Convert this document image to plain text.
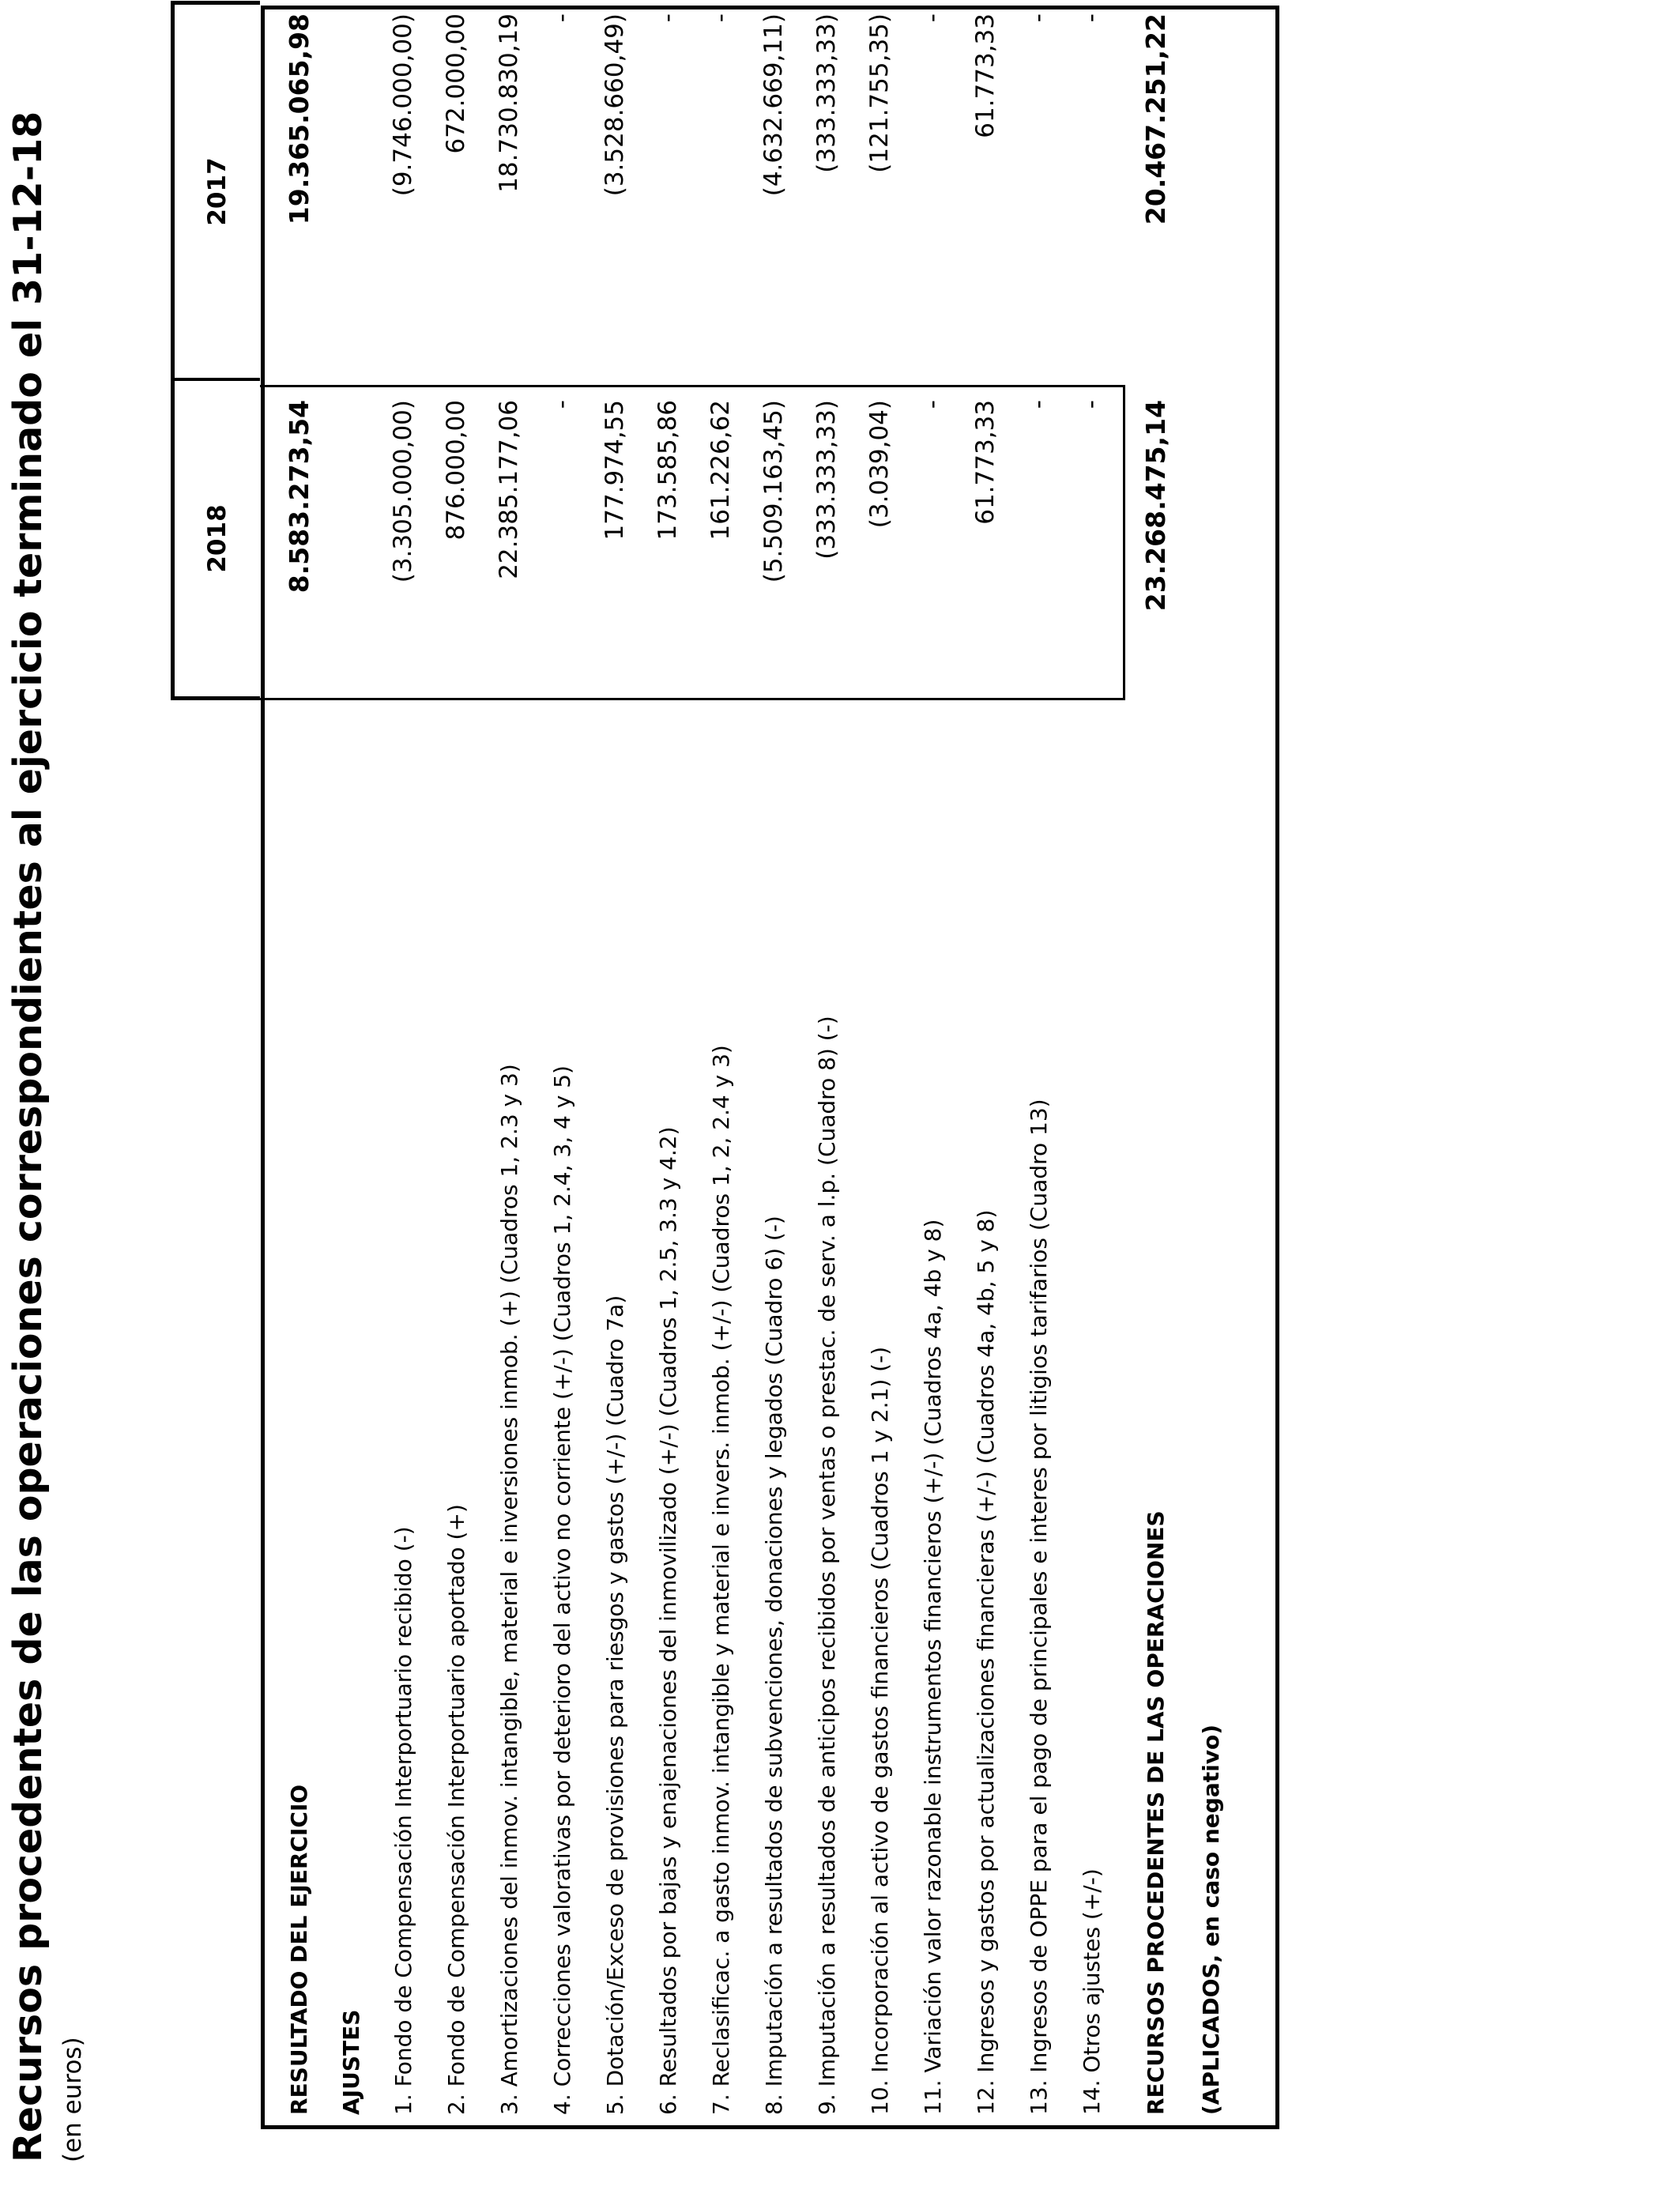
Recursos procedentes de las operaciones correspondientes al ejercicio terminado el 31-12-18 (en euros)
2018
2017
RESULTADO DEL EJERCICIO
8.583.273,54
19.365.065,98
AJUSTES	1. Fondo de Compensación Interportuario recibido (-)
(3.305.000,00)
(9.746.000,00)
2. Fondo de Compensación Interportuario aportado (+)
876.000,00
672.000,00
3. Amortizaciones del inmov. intangible, material e inversiones inmob. (+) (Cuadros 1, 2.3 y 3)
22.385.177,06
18.730.830,19
4. Correcciones valorativas por deterioro del activo no corriente (+/-) (Cuadros 1, 2.4, 3, 4 y 5)
-
-
5. Dotación/Exceso de provisiones para riesgos y gastos (+/-) (Cuadro 7a)
177.974,55
(3.528.660,49)
6. Resultados por bajas y enajenaciones del inmovilizado (+/-) (Cuadros 1, 2.5, 3.3 y 4.2)
173.585,86
-
7. Reclasificac. a gasto inmov. intangible y material e invers. inmob. (+/-) (Cuadros 1, 2, 2.4 y 3)
161.226,62
-
8. Imputación a resultados de subvenciones, donaciones y legados (Cuadro 6) (-)
(5.509.163,45)
(4.632.669,11)
9. Imputación a resultados de anticipos recibidos por ventas o prestac. de serv. a l.p. (Cuadro 8) (-)
(333.333,33)
(333.333,33)
10. Incorporación al activo de gastos financieros (Cuadros 1 y 2.1) (-)
(3.039,04)
(121.755,35)
11. Variación valor razonable instrumentos financieros (+/-) (Cuadros 4a, 4b y 8)
-
-
12. Ingresos y gastos por actualizaciones financieras (+/-) (Cuadros 4a, 4b, 5 y 8)
61.773,33
61.773,33
13. Ingresos de OPPE para el pago de principales e interes por litigios tarifarios (Cuadro 13)
-
-
14. Otros ajustes (+/-)
-
-
RECURSOS PROCEDENTES DE LAS OPERACIONES
23.268.475,14
20.467.251,22
(APLICADOS, en caso negativo)
